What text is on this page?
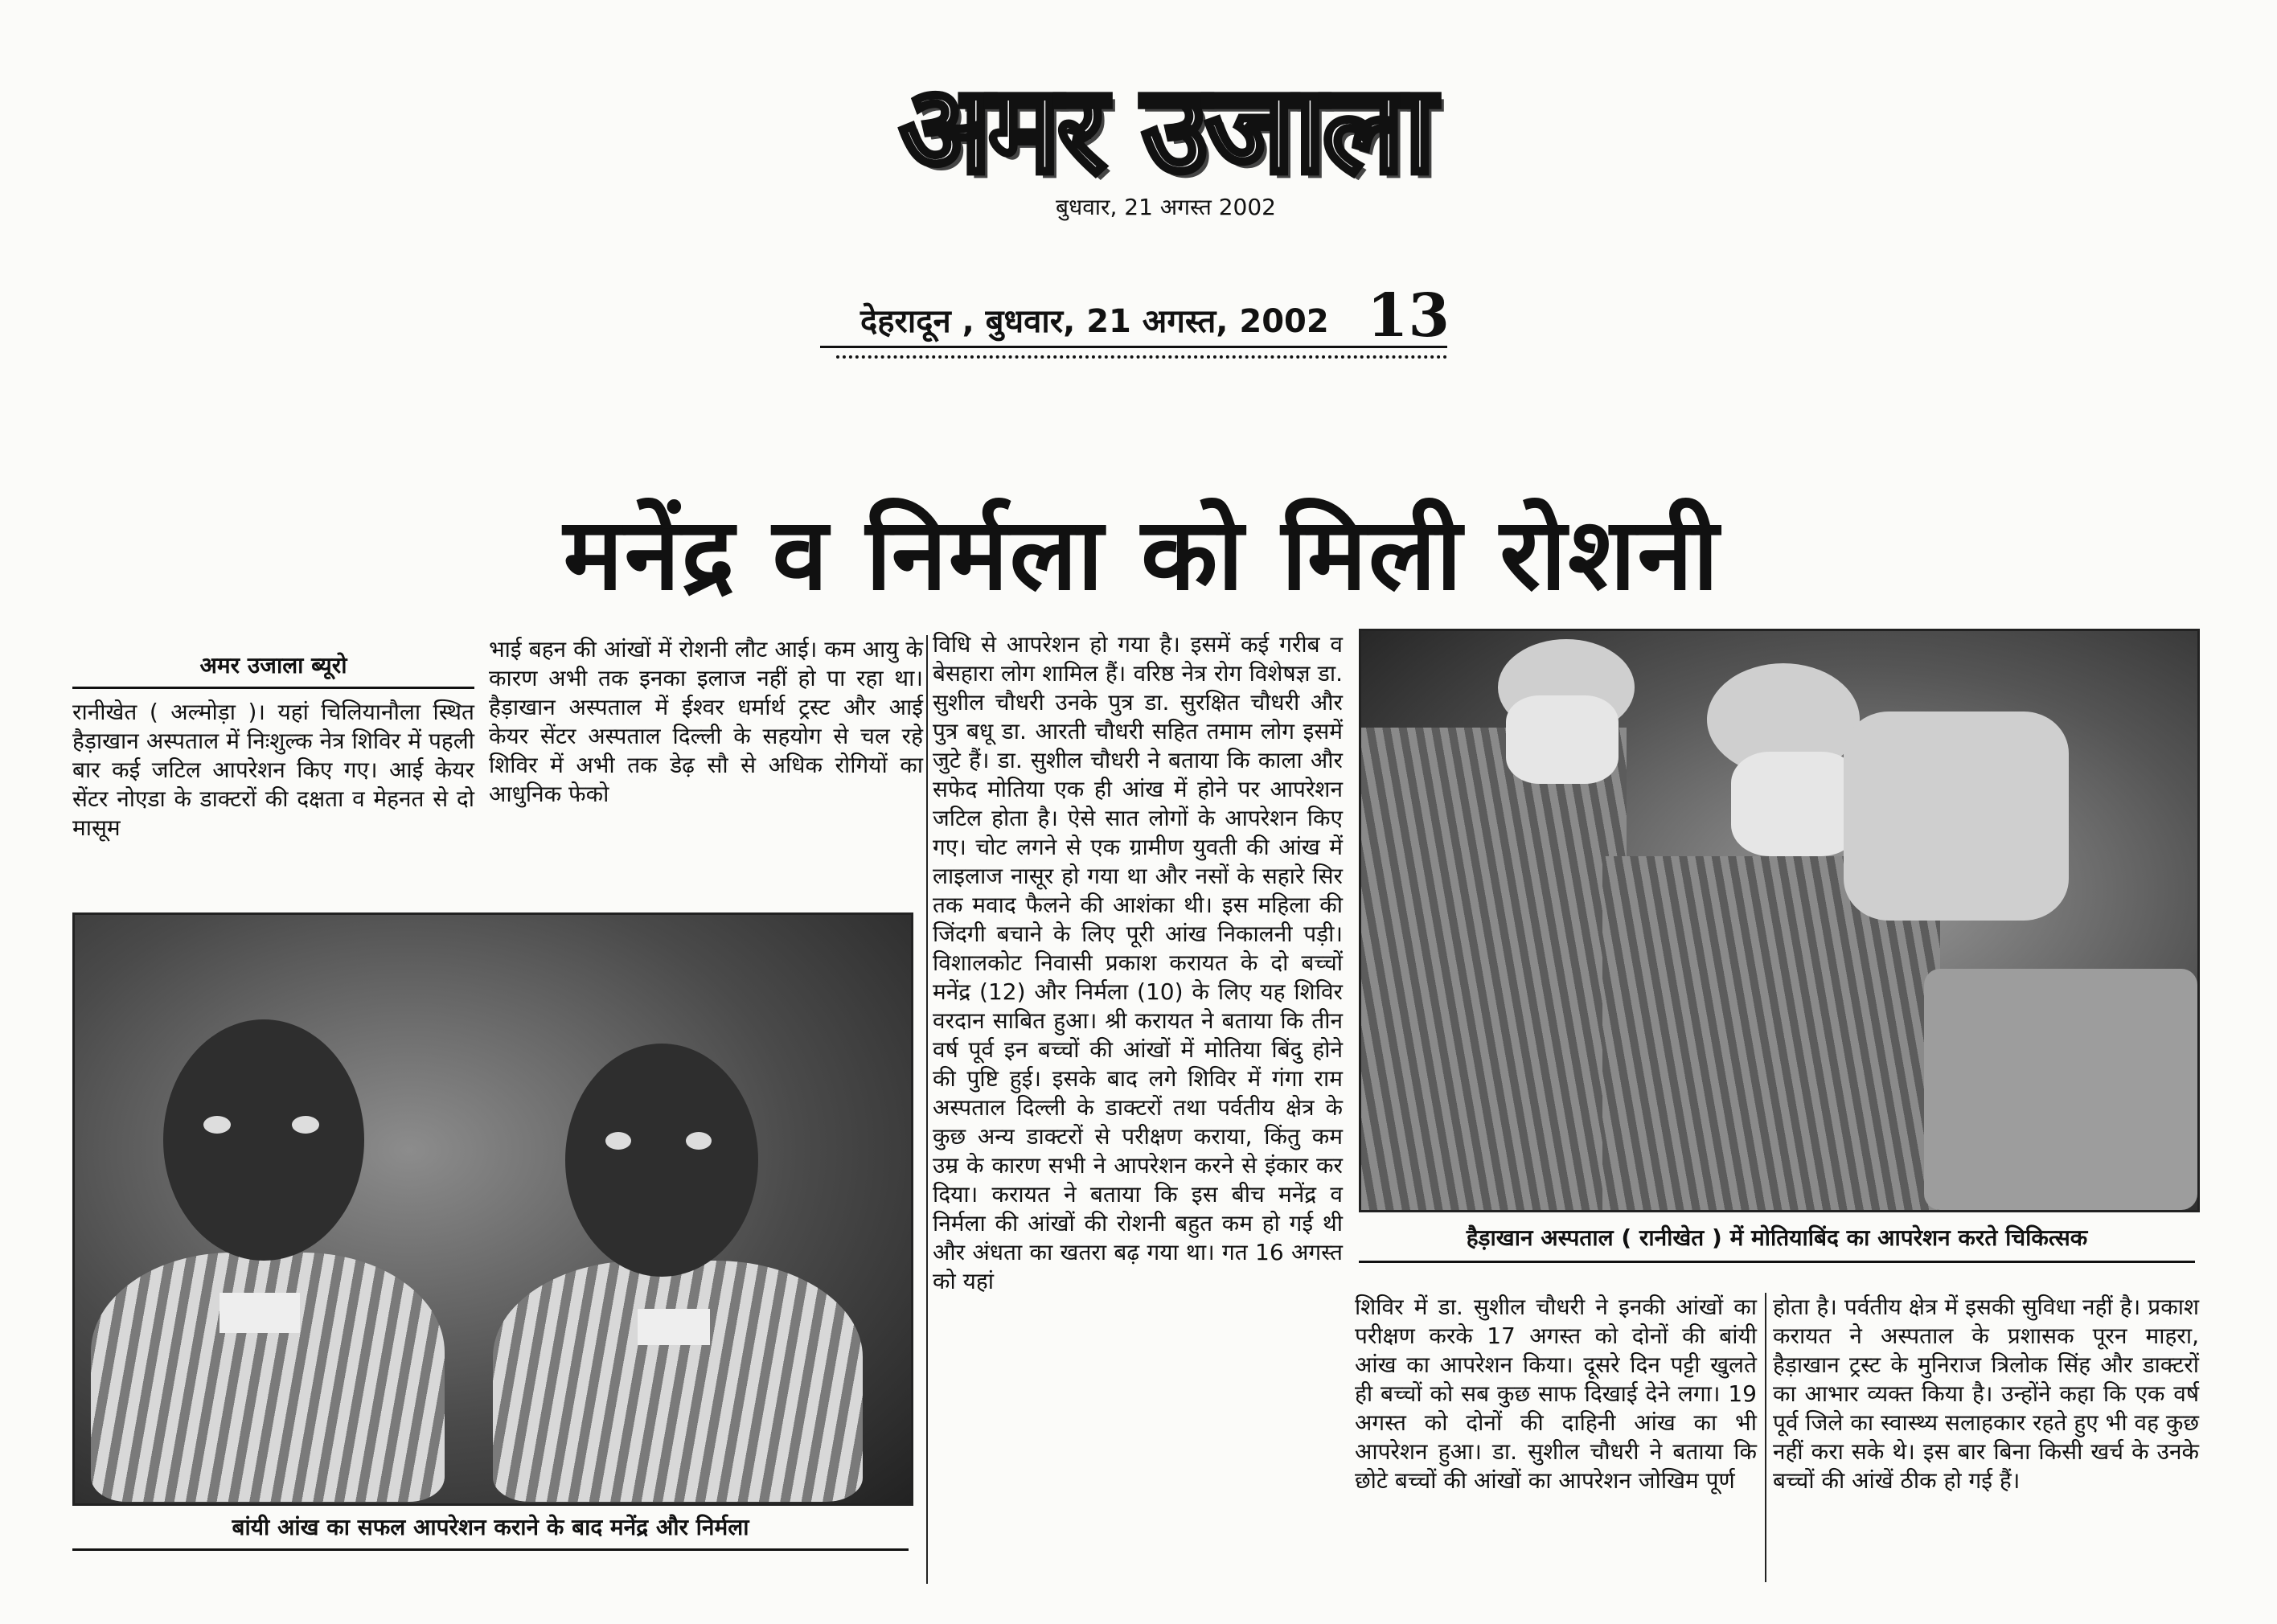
अमर उजाला
बुधवार, 21 अगस्त 2002
देहरादून , बुधवार, 21 अगस्त, 2002 13
मनेंद्र व निर्मला को मिली रोशनी
अमर उजाला ब्यूरो
रानीखेत ( अल्मोड़ा )। यहां चिलियानौला स्थित हैड़ाखान अस्पताल में निःशुल्क नेत्र शिविर में पहली बार कई जटिल आपरेशन किए गए। आई केयर सेंटर नोएडा के डाक्टरों की दक्षता व मेहनत से दो मासूम
भाई बहन की आंखों में रोशनी लौट आई। कम आयु के कारण अभी तक इनका इलाज नहीं हो पा रहा था। हैड़ाखान अस्पताल में ईश्वर धर्मार्थ ट्रस्ट और आई केयर सेंटर अस्पताल दिल्ली के सहयोग से चल रहे शिविर में अभी तक डेढ़ सौ से अधिक रोगियों का आधुनिक फेको
विधि से आपरेशन हो गया है। इसमें कई गरीब व बेसहारा लोग शामिल हैं। वरिष्ठ नेत्र रोग विशेषज्ञ डा. सुशील चौधरी उनके पुत्र डा. सुरक्षित चौधरी और पुत्र बधू डा. आरती चौधरी सहित तमाम लोग इसमें जुटे हैं। डा. सुशील चौधरी ने बताया कि काला और सफेद मोतिया एक ही आंख में होने पर आपरेशन जटिल होता है। ऐसे सात लोगों के आपरेशन किए गए। चोट लगने से एक ग्रामीण युवती की आंख में लाइलाज नासूर हो गया था और नसों के सहारे सिर तक मवाद फैलने की आशंका थी। इस महिला की जिंदगी बचाने के लिए पूरी आंख निकालनी पड़ी। विशालकोट निवासी प्रकाश करायत के दो बच्चों मनेंद्र (12) और निर्मला (10) के लिए यह शिविर वरदान साबित हुआ। श्री करायत ने बताया कि तीन वर्ष पूर्व इन बच्चों की आंखों में मोतिया बिंदु होने की पुष्टि हुई। इसके बाद लगे शिविर में गंगा राम अस्पताल दिल्ली के डाक्टरों तथा पर्वतीय क्षेत्र के कुछ अन्य डाक्टरों से परीक्षण कराया, किंतु कम उम्र के कारण सभी ने आपरेशन करने से इंकार कर दिया। करायत ने बताया कि इस बीच मनेंद्र व निर्मला की आंखों की रोशनी बहुत कम हो गई थी और अंधता का खतरा बढ़ गया था। गत 16 अगस्त को यहां
शिविर में डा. सुशील चौधरी ने इनकी आंखों का परीक्षण करके 17 अगस्त को दोनों की बांयी आंख का आपरेशन किया। दूसरे दिन पट्टी खुलते ही बच्चों को सब कुछ साफ दिखाई देने लगा। 19 अगस्त को दोनों की दाहिनी आंख का भी आपरेशन हुआ। डा. सुशील चौधरी ने बताया कि छोटे बच्चों की आंखों का आपरेशन जोखिम पूर्ण
होता है। पर्वतीय क्षेत्र में इसकी सुविधा नहीं है। प्रकाश करायत ने अस्पताल के प्रशासक पूरन माहरा, हैड़ाखान ट्रस्ट के मुनिराज त्रिलोक सिंह और डाक्टरों का आभार व्यक्त किया है। उन्होंने कहा कि एक वर्ष पूर्व जिले का स्वास्थ्य सलाहकार रहते हुए भी वह कुछ नहीं करा सके थे। इस बार बिना किसी खर्च के उनके बच्चों की आंखें ठीक हो गई हैं।
बांयी आंख का सफल आपरेशन कराने के बाद मनेंद्र और निर्मला
हैड़ाखान अस्पताल ( रानीखेत ) में मोतियाबिंद का आपरेशन करते चिकित्सक
